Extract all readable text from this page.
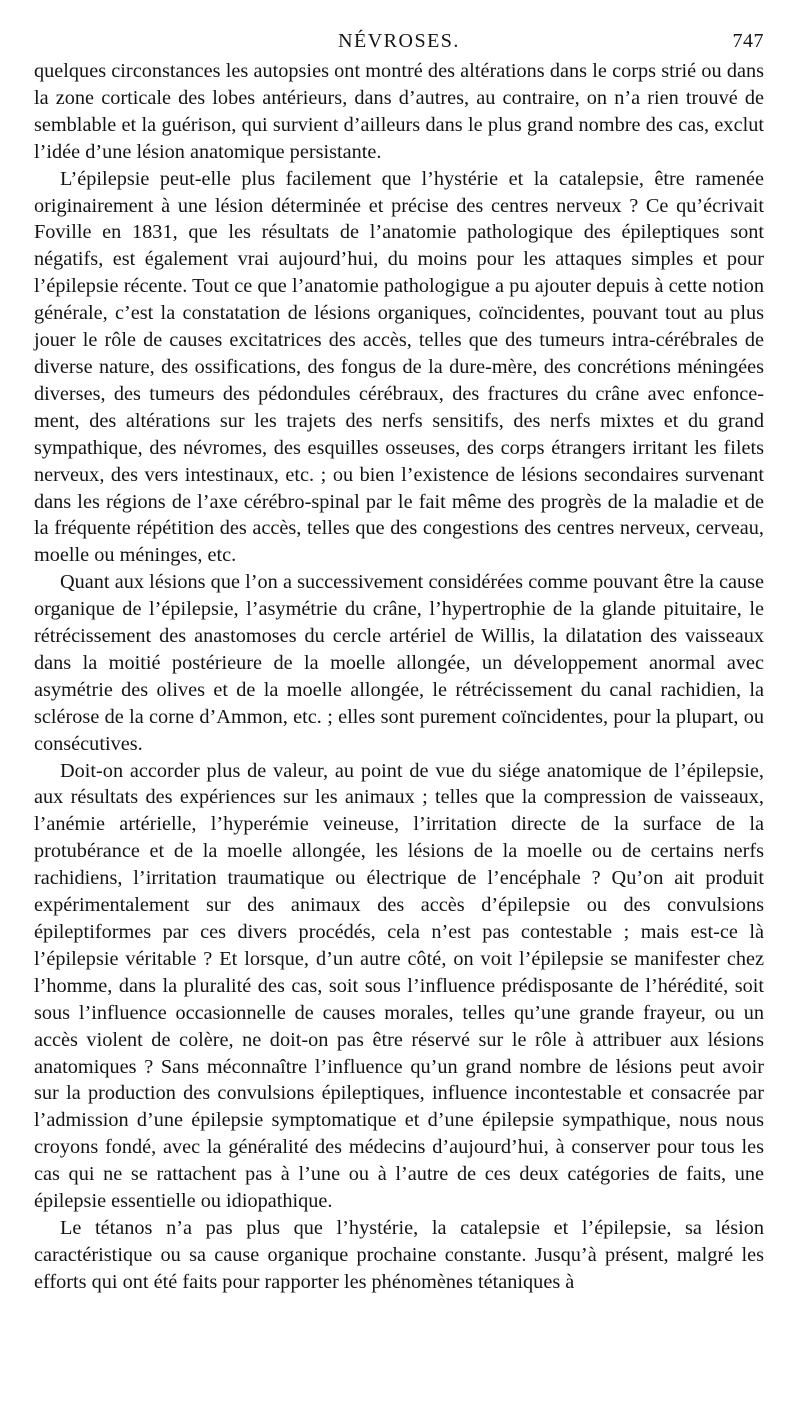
NÉVROSES.	747

quelques circonstances les autopsies ont montré des altérations dans le corps strié ou dans la zone corticale des lobes antérieurs, dans d’autres, au contraire, on n’a rien trouvé de semblable et la guérison, qui survient d’ailleurs dans le plus grand nombre des cas, exclut l’idée d’une lésion anatomique persistante.

L’épilepsie peut-elle plus facilement que l’hystérie et la catalepsie, être ramenée originairement à une lésion déterminée et précise des centres nerveux ? Ce qu’écrivait Foville en 1831, que les résultats de l’anatomie pathologique des épileptiques sont négatifs, est également vrai aujourd’hui, du moins pour les attaques simples et pour l’épilepsie récente. Tout ce que l’anatomie pathologigue a pu ajouter depuis à cette notion générale, c’est la constatation de lésions organiques, coïncidentes, pouvant tout au plus jouer le rôle de causes excitatrices des accès, telles que des tumeurs intra-cérébrales de diverse nature, des ossifications, des fongus de la dure-mère, des concrétions méningées diverses, des tumeurs des pédondules cérébraux, des fractures du crâne avec enfoncement, des altérations sur les trajets des nerfs sensitifs, des nerfs mixtes et du grand sympathique, des névromes, des esquilles osseuses, des corps étrangers irritant les filets nerveux, des vers intestinaux, etc. ; ou bien l’existence de lésions secondaires survenant dans les régions de l’axe cérébro-spinal par le fait même des progrès de la maladie et de la fréquente répétition des accès, telles que des congestions des centres nerveux, cerveau, moelle ou méninges, etc.

Quant aux lésions que l’on a successivement considérées comme pouvant être la cause organique de l’épilepsie, l’asymétrie du crâne, l’hypertrophie de la glande pituitaire, le rétrécissement des anastomoses du cercle artériel de Willis, la dilatation des vaisseaux dans la moitié postérieure de la moelle allongée, un développement anormal avec asymétrie des olives et de la moelle allongée, le rétrécissement du canal rachidien, la sclérose de la corne d’Ammon, etc. ; elles sont purement coïncidentes, pour la plupart, ou consécutives.

Doit-on accorder plus de valeur, au point de vue du siége anatomique de l’épilepsie, aux résultats des expériences sur les animaux ; telles que la compression de vaisseaux, l’anémie artérielle, l’hyperémie veineuse, l’irritation directe de la surface de la protubérance et de la moelle allongée, les lésions de la moelle ou de certains nerfs rachidiens, l’irritation traumatique ou électrique de l’encéphale ? Qu’on ait produit expérimentalement sur des animaux des accès d’épilepsie ou des convulsions épileptiformes par ces divers procédés, cela n’est pas contestable ; mais est-ce là l’épilepsie véritable ? Et lorsque, d’un autre côté, on voit l’épilepsie se manifester chez l’homme, dans la pluralité des cas, soit sous l’influence prédisposante de l’hérédité, soit sous l’influence occasionnelle de causes morales, telles qu’une grande frayeur, ou un accès violent de colère, ne doit-on pas être réservé sur le rôle à attribuer aux lésions anatomiques ? Sans méconnaître l’influence qu’un grand nombre de lésions peut avoir sur la production des convulsions épileptiques, influence incontestable et consacrée par l’admission d’une épilepsie symptomatique et d’une épilepsie sympathique, nous nous croyons fondé, avec la généralité des médecins d’aujourd’hui, à conserver pour tous les cas qui ne se rattachent pas à l’une ou à l’autre de ces deux catégories de faits, une épilepsie essentielle ou idiopathique.

Le tétanos n’a pas plus que l’hystérie, la catalepsie et l’épilepsie, sa lésion caractéristique ou sa cause organique prochaine constante. Jusqu’à présent, malgré les efforts qui ont été faits pour rapporter les phénomènes tétaniques à
